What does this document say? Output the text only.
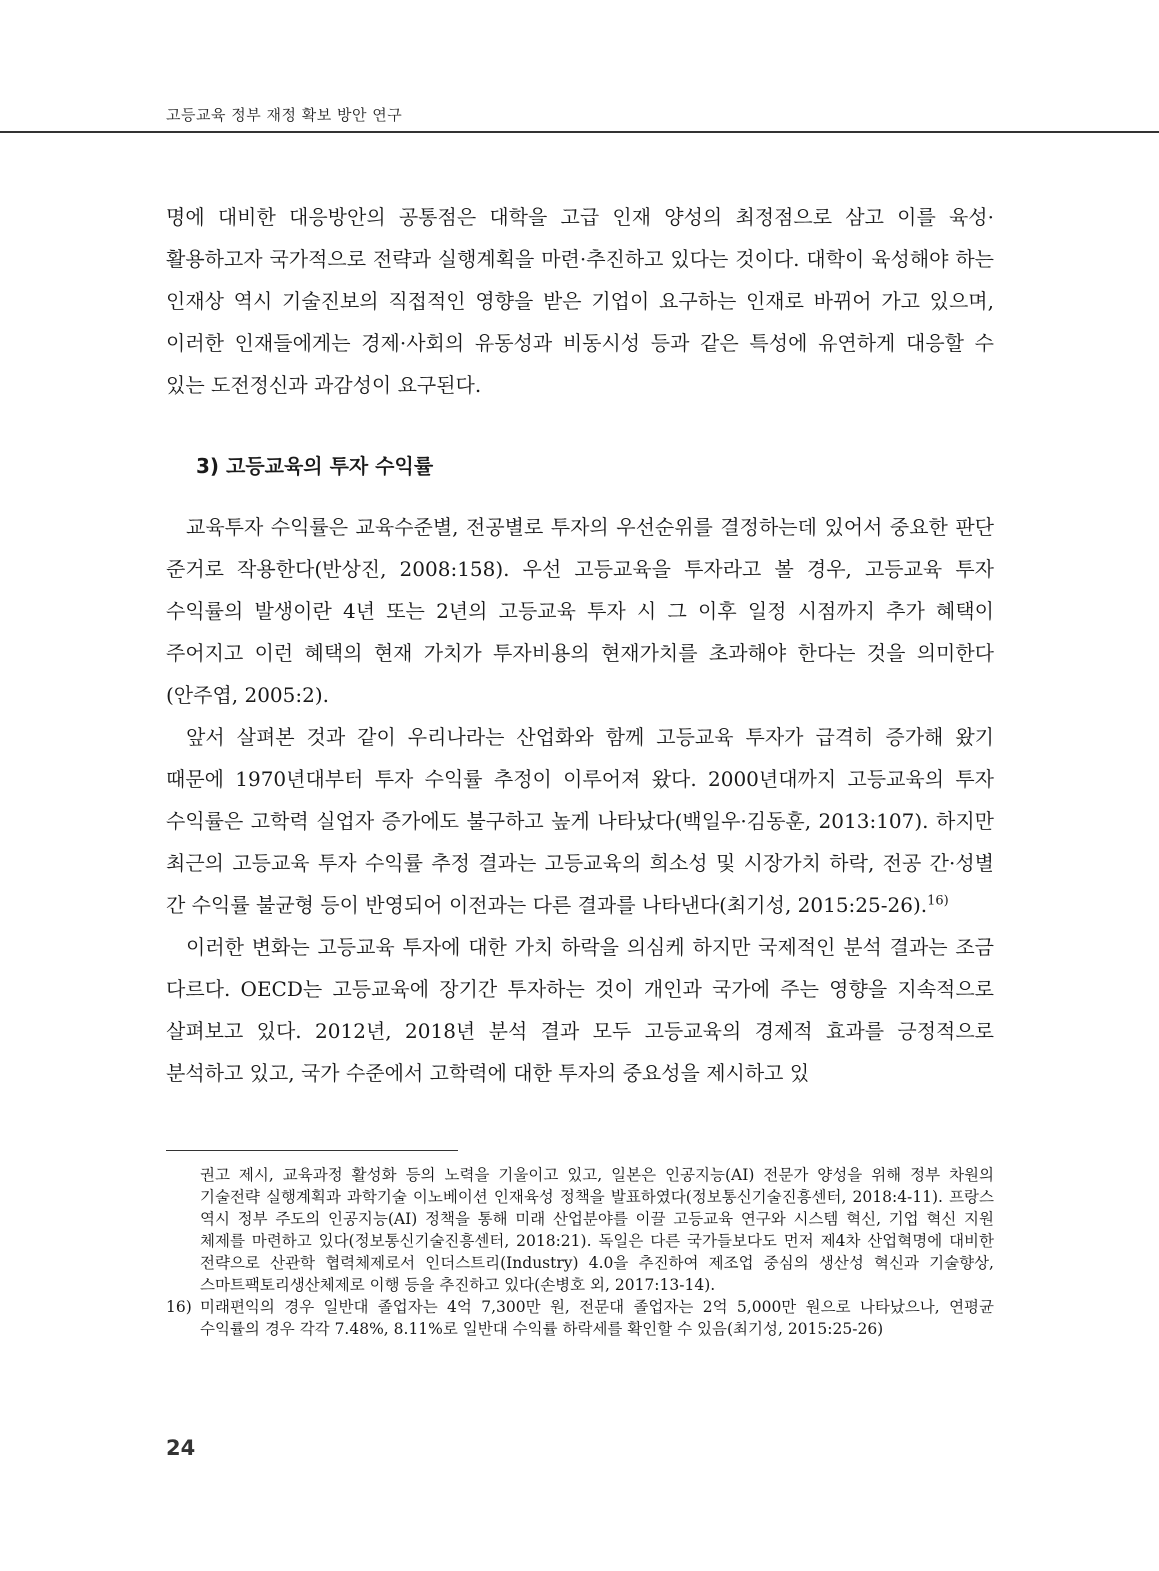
고등교육 정부 재정 확보 방안 연구

명에 대비한 대응방안의 공통점은 대학을 고급 인재 양성의 최정점으로 삼고 이를 육성·활용하고자 국가적으로 전략과 실행계획을 마련·추진하고 있다는 것이다. 대학이 육성해야 하는 인재상 역시 기술진보의 직접적인 영향을 받은 기업이 요구하는 인재로 바뀌어 가고 있으며, 이러한 인재들에게는 경제·사회의 유동성과 비동시성 등과 같은 특성에 유연하게 대응할 수 있는 도전정신과 과감성이 요구된다.

3) 고등교육의 투자 수익률

교육투자 수익률은 교육수준별, 전공별로 투자의 우선순위를 결정하는데 있어서 중요한 판단 준거로 작용한다(반상진, 2008:158). 우선 고등교육을 투자라고 볼 경우, 고등교육 투자 수익률의 발생이란 4년 또는 2년의 고등교육 투자 시 그 이후 일정 시점까지 추가 혜택이 주어지고 이런 혜택의 현재 가치가 투자비용의 현재가치를 초과해야 한다는 것을 의미한다(안주엽, 2005:2).

앞서 살펴본 것과 같이 우리나라는 산업화와 함께 고등교육 투자가 급격히 증가해 왔기 때문에 1970년대부터 투자 수익률 추정이 이루어져 왔다. 2000년대까지 고등교육의 투자 수익률은 고학력 실업자 증가에도 불구하고 높게 나타났다(백일우·김동훈, 2013:107). 하지만 최근의 고등교육 투자 수익률 추정 결과는 고등교육의 희소성 및 시장가치 하락, 전공 간·성별 간 수익률 불균형 등이 반영되어 이전과는 다른 결과를 나타낸다(최기성, 2015:25-26).$^{16)}$

이러한 변화는 고등교육 투자에 대한 가치 하락을 의심케 하지만 국제적인 분석 결과는 조금 다르다. OECD는 고등교육에 장기간 투자하는 것이 개인과 국가에 주는 영향을 지속적으로 살펴보고 있다. 2012년, 2018년 분석 결과 모두 고등교육의 경제적 효과를 긍정적으로 분석하고 있고, 국가 수준에서 고학력에 대한 투자의 중요성을 제시하고 있

권고 제시, 교육과정 활성화 등의 노력을 기울이고 있고, 일본은 인공지능(AI) 전문가 양성을 위해 정부 차원의 기술전략 실행계획과 과학기술 이노베이션 인재육성 정책을 발표하였다(정보통신기술진흥센터, 2018:4-11). 프랑스 역시 정부 주도의 인공지능(AI) 정책을 통해 미래 산업분야를 이끌 고등교육 연구와 시스템 혁신, 기업 혁신 지원 체제를 마련하고 있다(정보통신기술진흥센터, 2018:21). 독일은 다른 국가들보다도 먼저 제4차 산업혁명에 대비한 전략으로 산관학 협력체제로서 인더스트리(Industry) 4.0을 추진하여 제조업 중심의 생산성 혁신과 기술향상, 스마트팩토리생산체제로 이행 등을 추진하고 있다(손병호 외, 2017:13-14).

16) 미래편익의 경우 일반대 졸업자는 4억 7,300만 원, 전문대 졸업자는 2억 5,000만 원으로 나타났으나, 연평균 수익률의 경우 각각 7.48%, 8.11%로 일반대 수익률 하락세를 확인할 수 있음(최기성, 2015:25-26)

24
